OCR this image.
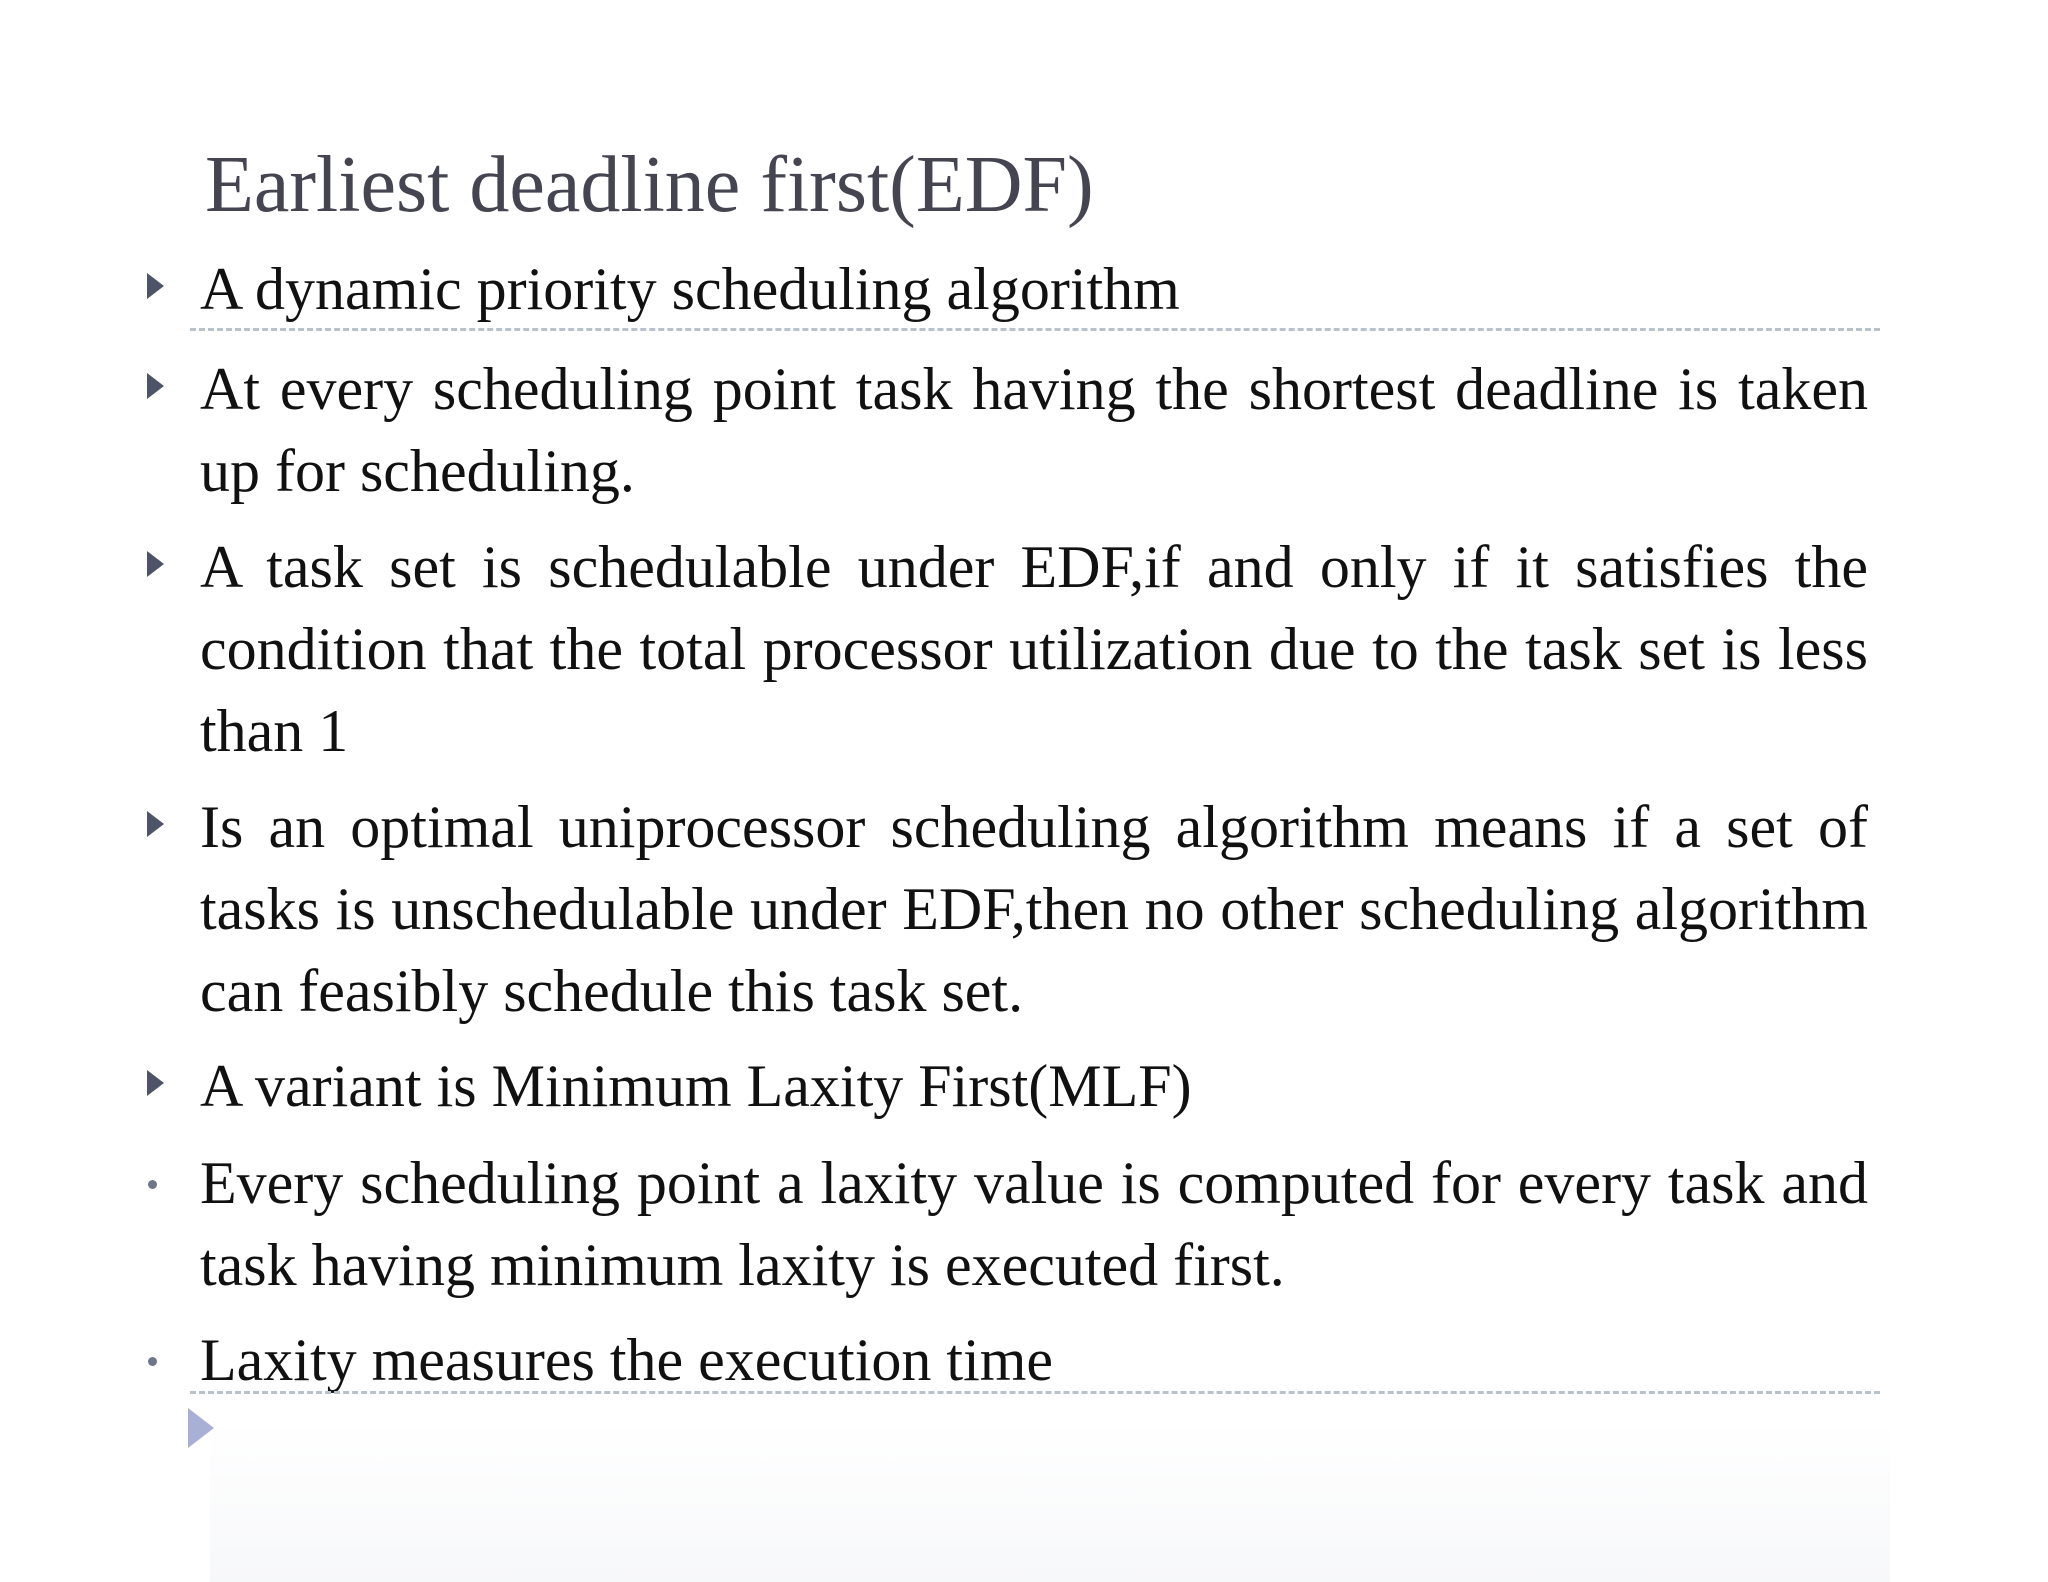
Earliest deadline first(EDF)
A dynamic priority scheduling algorithm
At every scheduling point task having the shortest deadline is taken up for scheduling.
A task set is schedulable under EDF,if and only if it satisfies the condition that the total processor utilization due to the task set is less than 1
Is an optimal uniprocessor scheduling algorithm means if a set of tasks is unschedulable under EDF,then no other scheduling algorithm can feasibly schedule this task set.
A variant is Minimum Laxity First(MLF)
Every scheduling point a laxity value is computed for every task and task having minimum laxity is executed first.
Laxity measures the execution time
